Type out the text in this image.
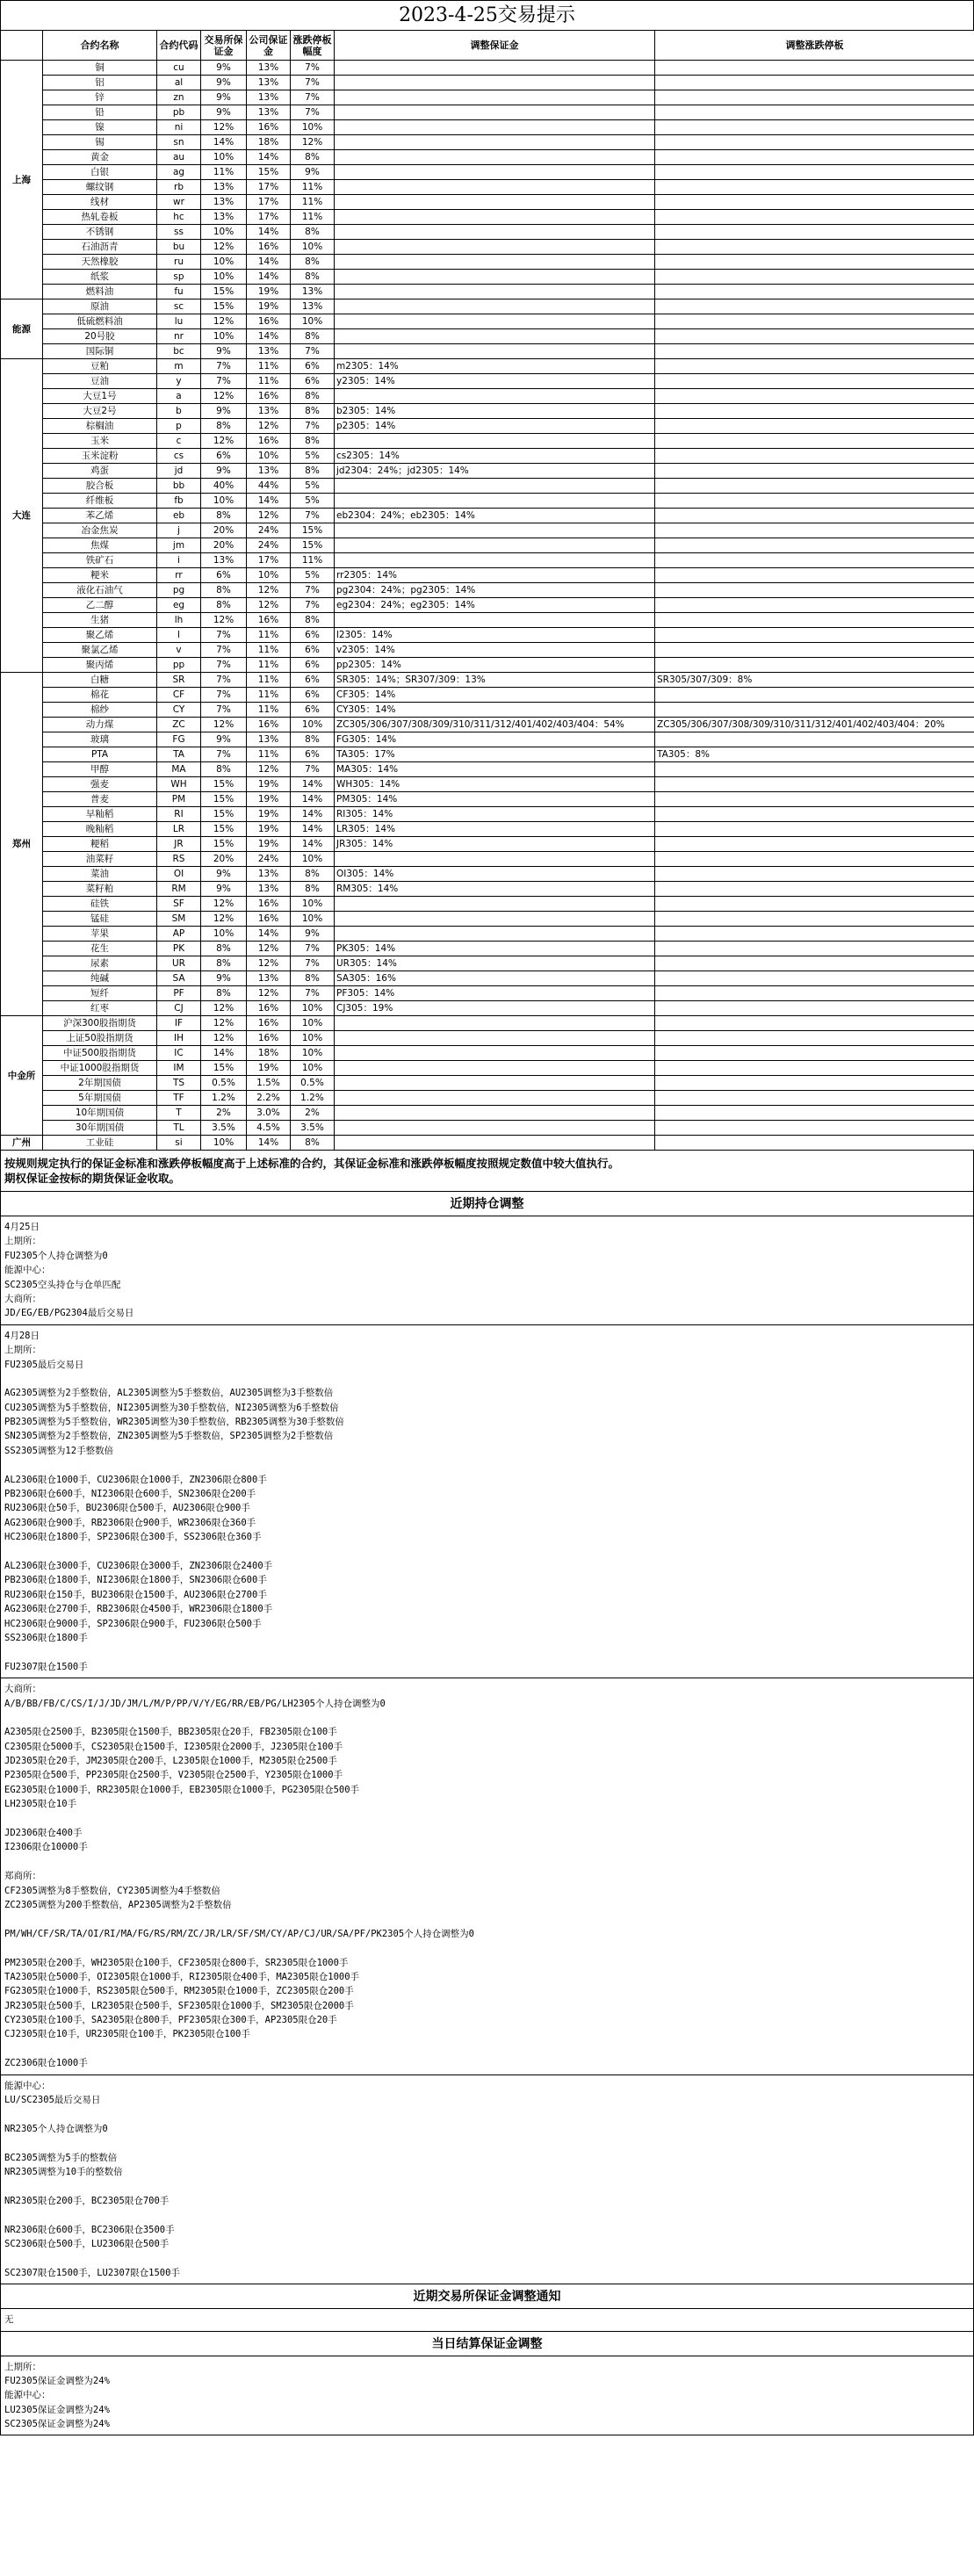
2023-4-25交易提示
	合约名称	合约代码	交易所保证金	公司保证金	涨跌停板幅度	调整保证金	调整涨跌停板
上海	铜	cu	9%	13%	7%		
	铝	al	9%	13%	7%		
	锌	zn	9%	13%	7%		
	铅	pb	9%	13%	7%		
	镍	ni	12%	16%	10%		
	锡	sn	14%	18%	12%		
	黄金	au	10%	14%	8%		
	白银	ag	11%	15%	9%		
	螺纹钢	rb	13%	17%	11%		
	线材	wr	13%	17%	11%		
	热轧卷板	hc	13%	17%	11%		
	不锈钢	ss	10%	14%	8%		
	石油沥青	bu	12%	16%	10%		
	天然橡胶	ru	10%	14%	8%		
	纸浆	sp	10%	14%	8%		
	燃料油	fu	15%	19%	13%		
能源	原油	sc	15%	19%	13%		
	低硫燃料油	lu	12%	16%	10%		
	20号胶	nr	10%	14%	8%		
	国际铜	bc	9%	13%	7%		
大连	豆粕	m	7%	11%	6%	m2305：14%	
	豆油	y	7%	11%	6%	y2305：14%	
	大豆1号	a	12%	16%	8%		
	大豆2号	b	9%	13%	8%	b2305：14%	
	棕榈油	p	8%	12%	7%	p2305：14%	
	玉米	c	12%	16%	8%		
	玉米淀粉	cs	6%	10%	5%	cs2305：14%	
	鸡蛋	jd	9%	13%	8%	jd2304：24%；jd2305：14%	
	胶合板	bb	40%	44%	5%		
	纤维板	fb	10%	14%	5%		
	苯乙烯	eb	8%	12%	7%	eb2304：24%；eb2305：14%	
	冶金焦炭	j	20%	24%	15%		
	焦煤	jm	20%	24%	15%		
	铁矿石	i	13%	17%	11%		
	粳米	rr	6%	10%	5%	rr2305：14%	
	液化石油气	pg	8%	12%	7%	pg2304：24%；pg2305：14%	
	乙二醇	eg	8%	12%	7%	eg2304：24%；eg2305：14%	
	生猪	lh	12%	16%	8%		
	聚乙烯	l	7%	11%	6%	l2305：14%	
	聚氯乙烯	v	7%	11%	6%	v2305：14%	
	聚丙烯	pp	7%	11%	6%	pp2305：14%	
郑州	白糖	SR	7%	11%	6%	SR305：14%；SR307/309：13%	SR305/307/309：8%
	棉花	CF	7%	11%	6%	CF305：14%	
	棉纱	CY	7%	11%	6%	CY305：14%	
	动力煤	ZC	12%	16%	10%	ZC305/306/307/308/309/310/311/312/401/402/403/404：54%	ZC305/306/307/308/309/310/311/312/401/402/403/404：20%
	玻璃	FG	9%	13%	8%	FG305：14%	
	PTA	TA	7%	11%	6%	TA305：17%	TA305：8%
	甲醇	MA	8%	12%	7%	MA305：14%	
	强麦	WH	15%	19%	14%	WH305：14%	
	普麦	PM	15%	19%	14%	PM305：14%	
	早籼稻	RI	15%	19%	14%	RI305：14%	
	晚籼稻	LR	15%	19%	14%	LR305：14%	
	粳稻	JR	15%	19%	14%	JR305：14%	
	油菜籽	RS	20%	24%	10%		
	菜油	OI	9%	13%	8%	OI305：14%	
	菜籽粕	RM	9%	13%	8%	RM305：14%	
	硅铁	SF	12%	16%	10%		
	锰硅	SM	12%	16%	10%		
	苹果	AP	10%	14%	9%		
	花生	PK	8%	12%	7%	PK305：14%	
	尿素	UR	8%	12%	7%	UR305：14%	
	纯碱	SA	9%	13%	8%	SA305：16%	
	短纤	PF	8%	12%	7%	PF305：14%	
	红枣	CJ	12%	16%	10%	CJ305：19%	
中金所	沪深300股指期货	IF	12%	16%	10%		
	上证50股指期货	IH	12%	16%	10%		
	中证500股指期货	IC	14%	18%	10%		
	中证1000股指期货	IM	15%	19%	10%		
	2年期国债	TS	0.5%	1.5%	0.5%		
	5年期国债	TF	1.2%	2.2%	1.2%		
	10年期国债	T	2%	3.0%	2%		
	30年期国债	TL	3.5%	4.5%	3.5%		
广州	工业硅	si	10%	14%	8%		
按规则规定执行的保证金标准和涨跌停板幅度高于上述标准的合约，其保证金标准和涨跌停板幅度按照规定数值中较大值执行。
期权保证金按标的期货保证金收取。
近期持仓调整
4月25日
上期所：
FU2305个人持仓调整为0
能源中心：
SC2305空头持仓与仓单匹配
大商所：
JD/EG/EB/PG2304最后交易日
4月28日
上期所：
FU2305最后交易日
AG2305调整为2手整数倍，AL2305调整为5手整数倍，AU2305调整为3手整数倍
CU2305调整为5手整数倍，NI2305调整为30手整数倍，NI2305调整为6手整数倍
PB2305调整为5手整数倍，WR2305调整为30手整数倍，RB2305调整为30手整数倍
SN2305调整为2手整数倍，ZN2305调整为5手整数倍，SP2305调整为2手整数倍
SS2305调整为12手整数倍
AL2306限仓1000手，CU2306限仓1000手，ZN2306限仓800手
PB2306限仓600手，NI2306限仓600手，SN2306限仓200手
RU2306限仓50手，BU2306限仓500手，AU2306限仓900手
AG2306限仓900手，RB2306限仓900手，WR2306限仓360手
HC2306限仓1800手，SP2306限仓300手，SS2306限仓360手
AL2306限仓3000手，CU2306限仓3000手，ZN2306限仓2400手
PB2306限仓1800手，NI2306限仓1800手，SN2306限仓600手
RU2306限仓150手，BU2306限仓1500手，AU2306限仓2700手
AG2306限仓2700手，RB2306限仓4500手，WR2306限仓1800手
HC2306限仓9000手，SP2306限仓900手，FU2306限仓500手
SS2306限仓1800手
FU2307限仓1500手
大商所：
A/B/BB/FB/C/CS/I/J/JD/JM/L/M/P/PP/V/Y/EG/RR/EB/PG/LH2305个人持仓调整为0
A2305限仓2500手，B2305限仓1500手，BB2305限仓20手，FB2305限仓100手
C2305限仓5000手，CS2305限仓1500手，I2305限仓2000手，J2305限仓100手
JD2305限仓20手，JM2305限仓200手，L2305限仓1000手，M2305限仓2500手
P2305限仓500手，PP2305限仓2500手，V2305限仓2500手，Y2305限仓1000手
EG2305限仓1000手，RR2305限仓1000手，EB2305限仓1000手，PG2305限仓500手
LH2305限仓10手
JD2306限仓400手
I2306限仓10000手
郑商所：
CF2305调整为8手整数倍，CY2305调整为4手整数倍
ZC2305调整为200手整数倍，AP2305调整为2手整数倍
PM/WH/CF/SR/TA/OI/RI/MA/FG/RS/RM/ZC/JR/LR/SF/SM/CY/AP/CJ/UR/SA/PF/PK2305个人持仓调整为0
PM2305限仓200手，WH2305限仓100手，CF2305限仓800手，SR2305限仓1000手
TA2305限仓5000手，OI2305限仓1000手，RI2305限仓400手，MA2305限仓1000手
FG2305限仓1000手，RS2305限仓500手，RM2305限仓1000手，ZC2305限仓200手
JR2305限仓500手，LR2305限仓500手，SF2305限仓1000手，SM2305限仓2000手
CY2305限仓100手，SA2305限仓800手，PF2305限仓300手，AP2305限仓20手
CJ2305限仓10手，UR2305限仓100手，PK2305限仓100手
ZC2306限仓1000手
能源中心：
LU/SC2305最后交易日
NR2305个人持仓调整为0
BC2305调整为5手的整数倍
NR2305调整为10手的整数倍
NR2305限仓200手，BC2305限仓700手
NR2306限仓600手，BC2306限仓3500手
SC2306限仓500手，LU2306限仓500手
SC2307限仓1500手，LU2307限仓1500手
近期交易所保证金调整通知
无
当日结算保证金调整
上期所：
FU2305保证金调整为24%
能源中心：
LU2305保证金调整为24%
SC2305保证金调整为24%
